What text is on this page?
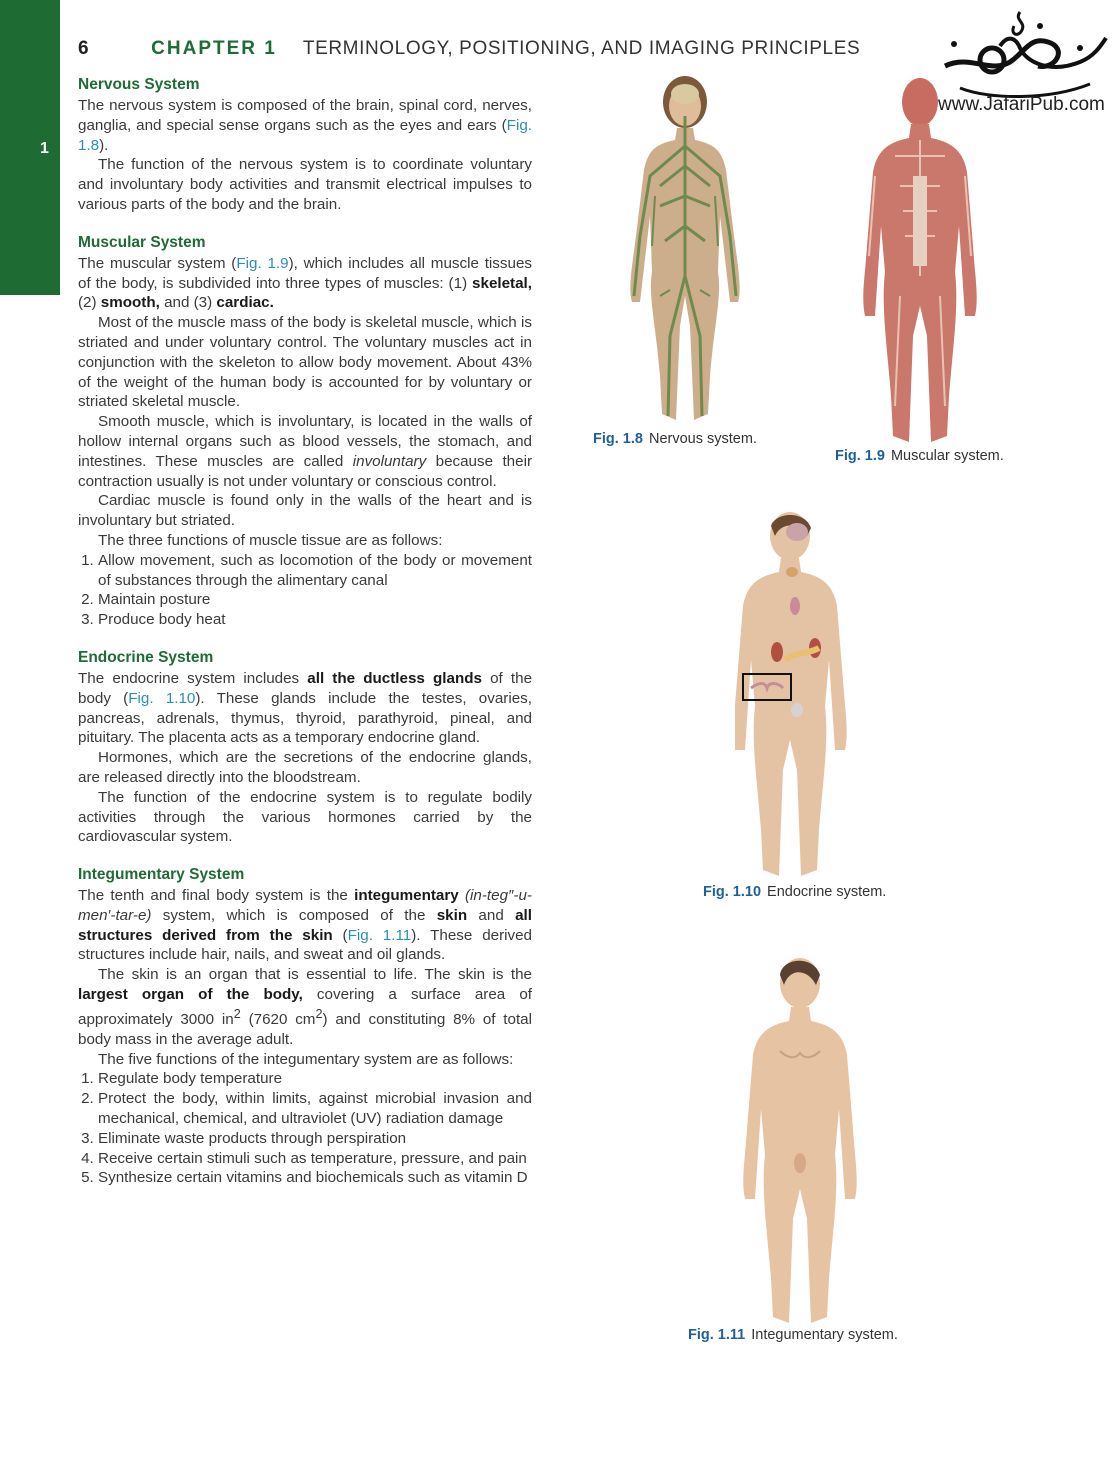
1
6	CHAPTER 1 TERMINOLOGY, POSITIONING, AND IMAGING PRINCIPLES
www.JafariPub.com
Nervous System

The nervous system is composed of the brain, spinal cord, nerves, ganglia, and special sense organs such as the eyes and ears (Fig. 1.8).

The function of the nervous system is to coordinate voluntary and involuntary body activities and transmit electrical impulses to various parts of the body and the brain.

Muscular System

The muscular system (Fig. 1.9), which includes all muscle tissues of the body, is subdivided into three types of muscles: (1) skeletal, (2) smooth, and (3) cardiac.

Most of the muscle mass of the body is skeletal muscle, which is striated and under voluntary control. The voluntary muscles act in conjunction with the skeleton to allow body movement. About 43% of the weight of the human body is accounted for by voluntary or striated skeletal muscle.

Smooth muscle, which is involuntary, is located in the walls of hollow internal organs such as blood vessels, the stomach, and intestines. These muscles are called involuntary because their contraction usually is not under voluntary or conscious control.

Cardiac muscle is found only in the walls of the heart and is involuntary but striated.

The three functions of muscle tissue are as follows:

1. Allow movement, such as locomotion of the body or movement of substances through the alimentary canal
2. Maintain posture
3. Produce body heat
Endocrine System

The endocrine system includes all the ductless glands of the body (Fig. 1.10). These glands include the testes, ovaries, pancreas, adrenals, thymus, thyroid, parathyroid, pineal, and pituitary. The placenta acts as a temporary endocrine gland.

Hormones, which are the secretions of the endocrine glands, are released directly into the bloodstream.

The function of the endocrine system is to regulate bodily activities through the various hormones carried by the cardiovascular system.

Integumentary System

The tenth and final body system is the integumentary (in-teg″-u-men′-tar-e) system, which is composed of the skin and all structures derived from the skin (Fig. 1.11). These derived structures include hair, nails, and sweat and oil glands.

The skin is an organ that is essential to life. The skin is the largest organ of the body, covering a surface area of approximately 3000 $in^2$ (7620 $cm^2$) and constituting 8% of total body mass in the average adult.

The five functions of the integumentary system are as follows:

1. Regulate body temperature
2. Protect the body, within limits, against microbial invasion and mechanical, chemical, and ultraviolet (UV) radiation damage
3. Eliminate waste products through perspiration
4. Receive certain stimuli such as temperature, pressure, and pain
5. Synthesize certain vitamins and biochemicals such as vitamin D
Fig. 1.8 Nervous system.
Fig. 1.9 Muscular system.
Fig. 1.10 Endocrine system.
Fig. 1.11 Integumentary system.
